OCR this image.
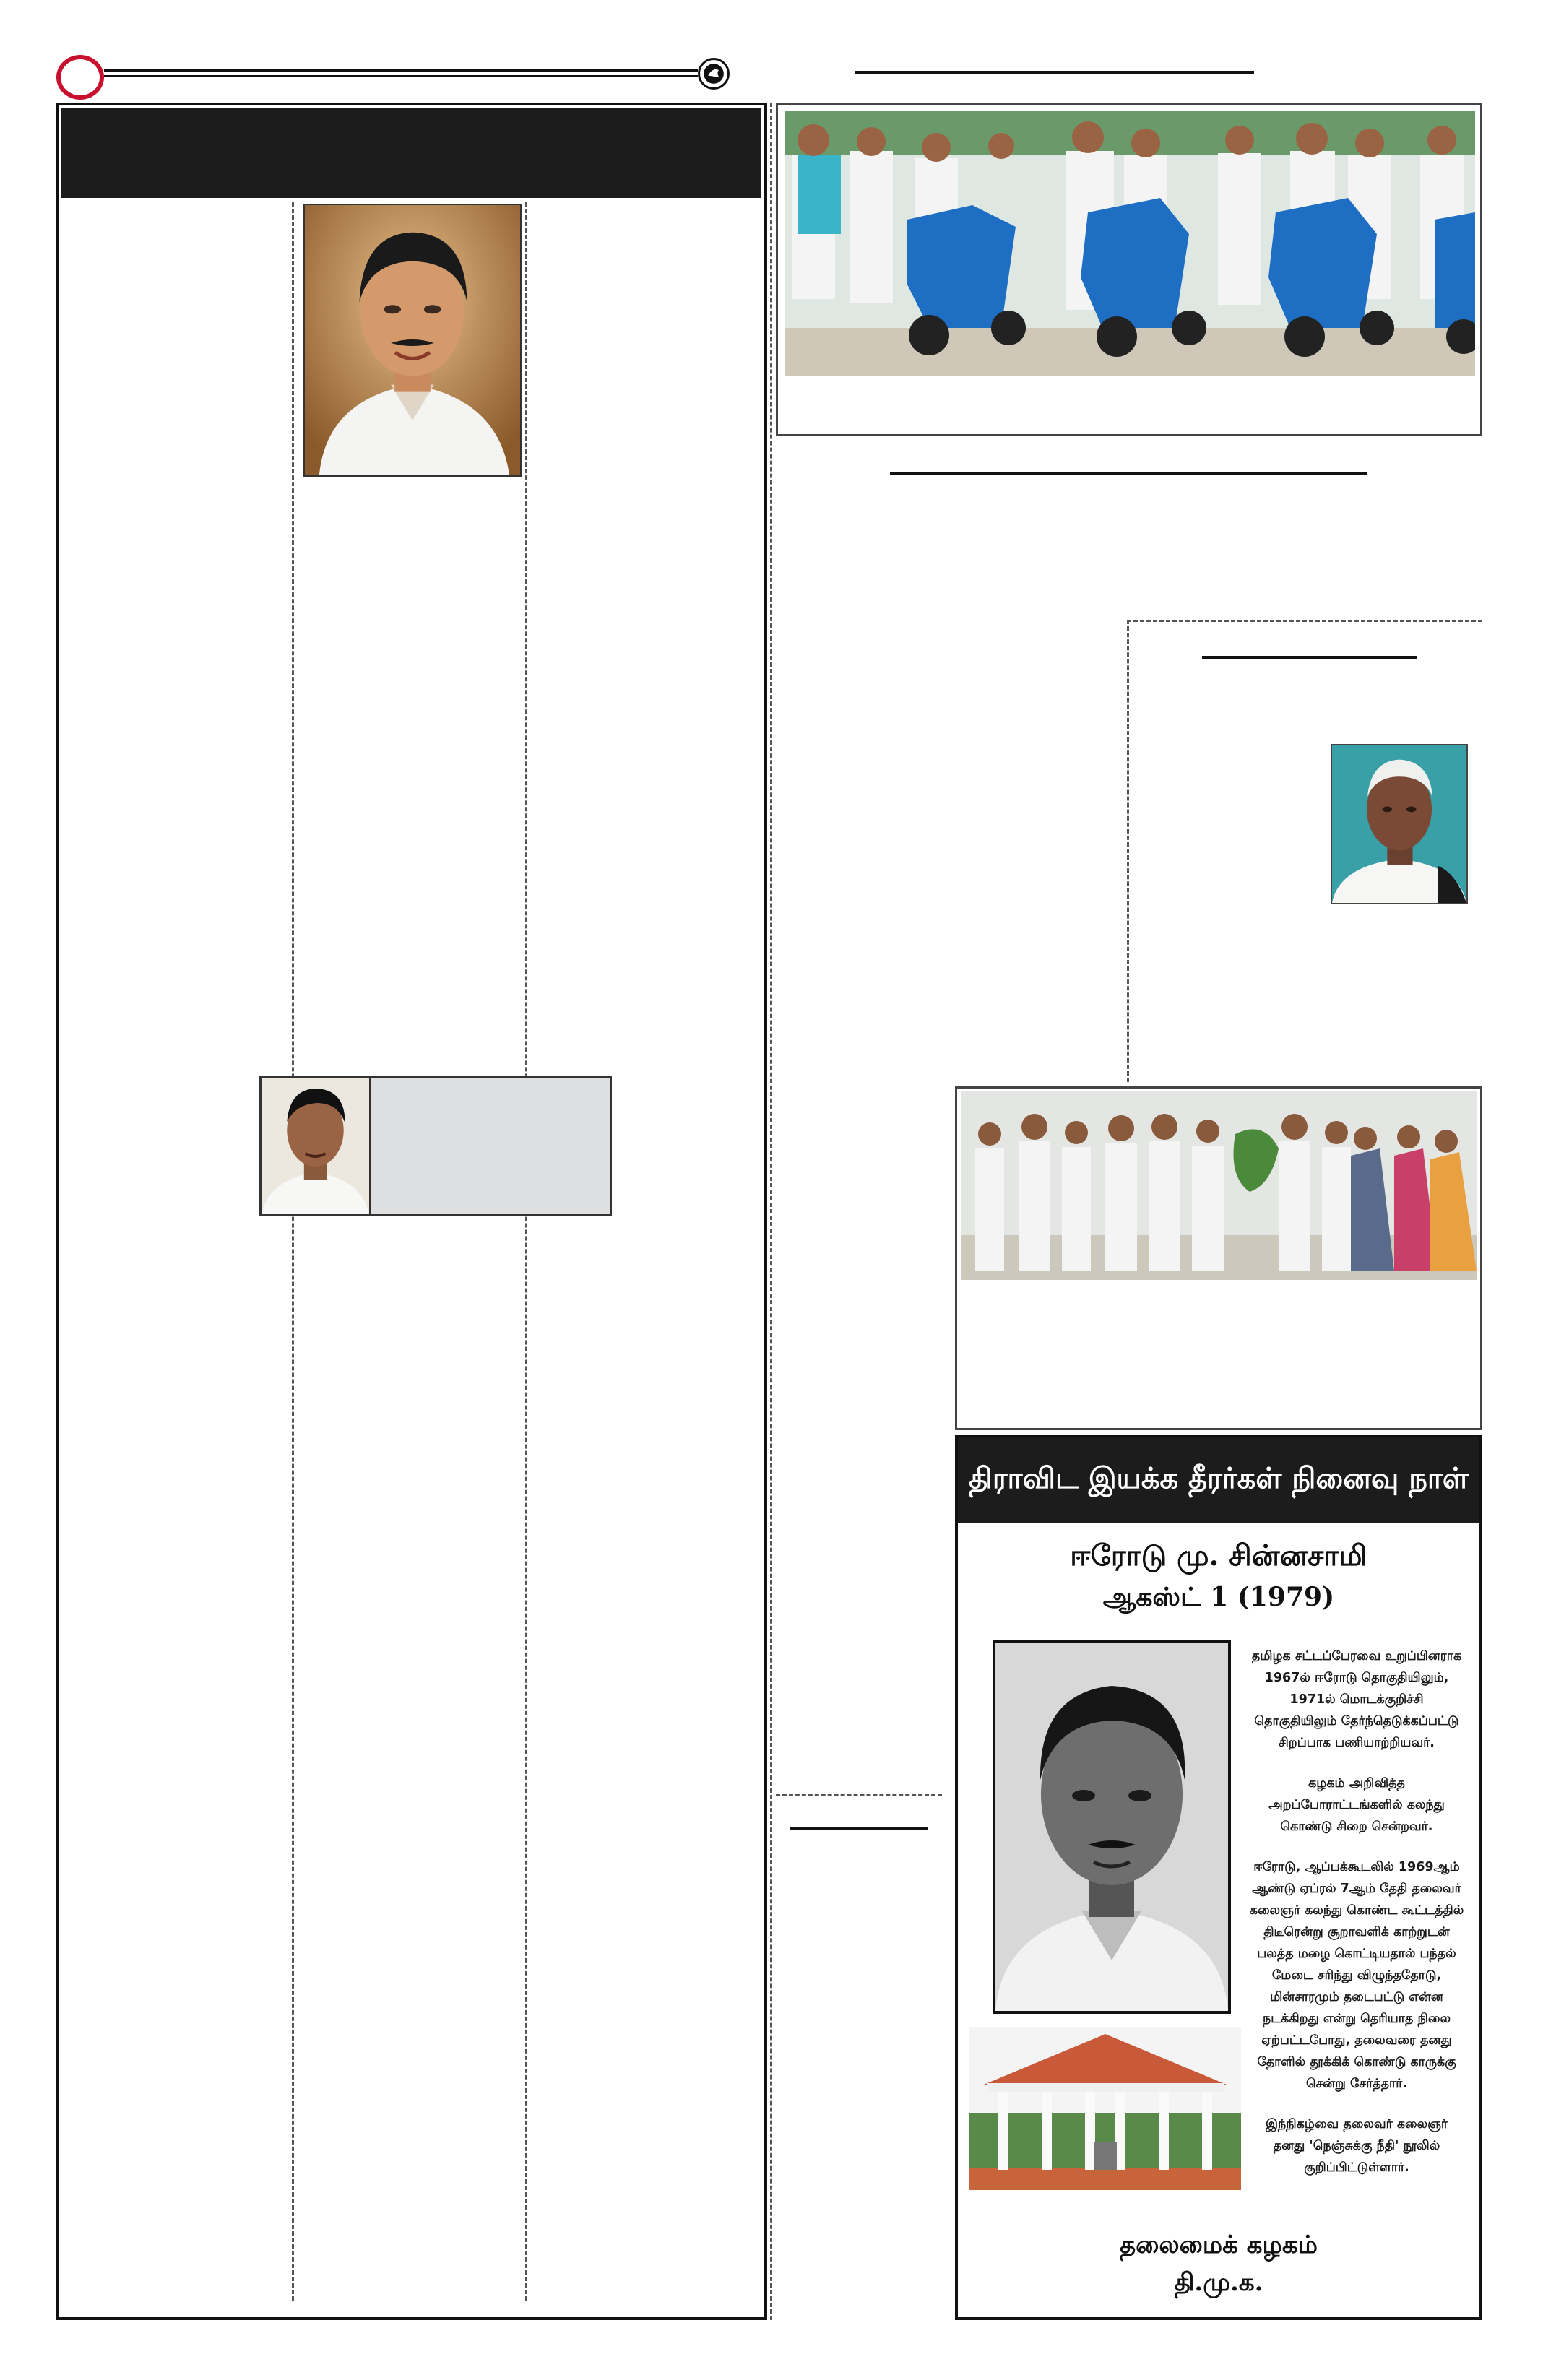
திராவிட இயக்க தீரர்கள் நினைவு நாள்
ஈரோடு மு. சின்னசாமி
ஆகஸ்ட் 1 (1979)

தமிழக சட்டப்பேரவை உறுப்பினராக 1967ல் ஈரோடு தொகுதியிலும், 1971ல் மொடக்குறிச்சி தொகுதியிலும் தேர்ந்தெடுக்கப்பட்டு சிறப்பாக பணியாற்றியவர்.

கழகம் அறிவித்த அறப்போராட்டங்களில் கலந்து கொண்டு சிறை சென்றவர்.

ஈரோடு, ஆப்பக்கூடலில் 1969ஆம் ஆண்டு ஏப்ரல் 7ஆம் தேதி தலைவர் கலைஞர் கலந்து கொண்ட கூட்டத்தில் திடீரென்று சூறாவளிக் காற்றுடன் பலத்த மழை கொட்டியதால் பந்தல் மேடை சரிந்து விழுந்ததோடு, மின்சாரமும் தடைபட்டு என்ன நடக்கிறது என்று தெரியாத நிலை ஏற்பட்டபோது, தலைவரை தனது தோளில் தூக்கிக் கொண்டு காருக்கு சென்று சேர்த்தார்.

இந்நிகழ்வை தலைவர் கலைஞர் தனது 'நெஞ்சுக்கு நீதி' நூலில் குறிப்பிட்டுள்ளார்.

தலைமைக் கழகம்
தி.மு.க.
